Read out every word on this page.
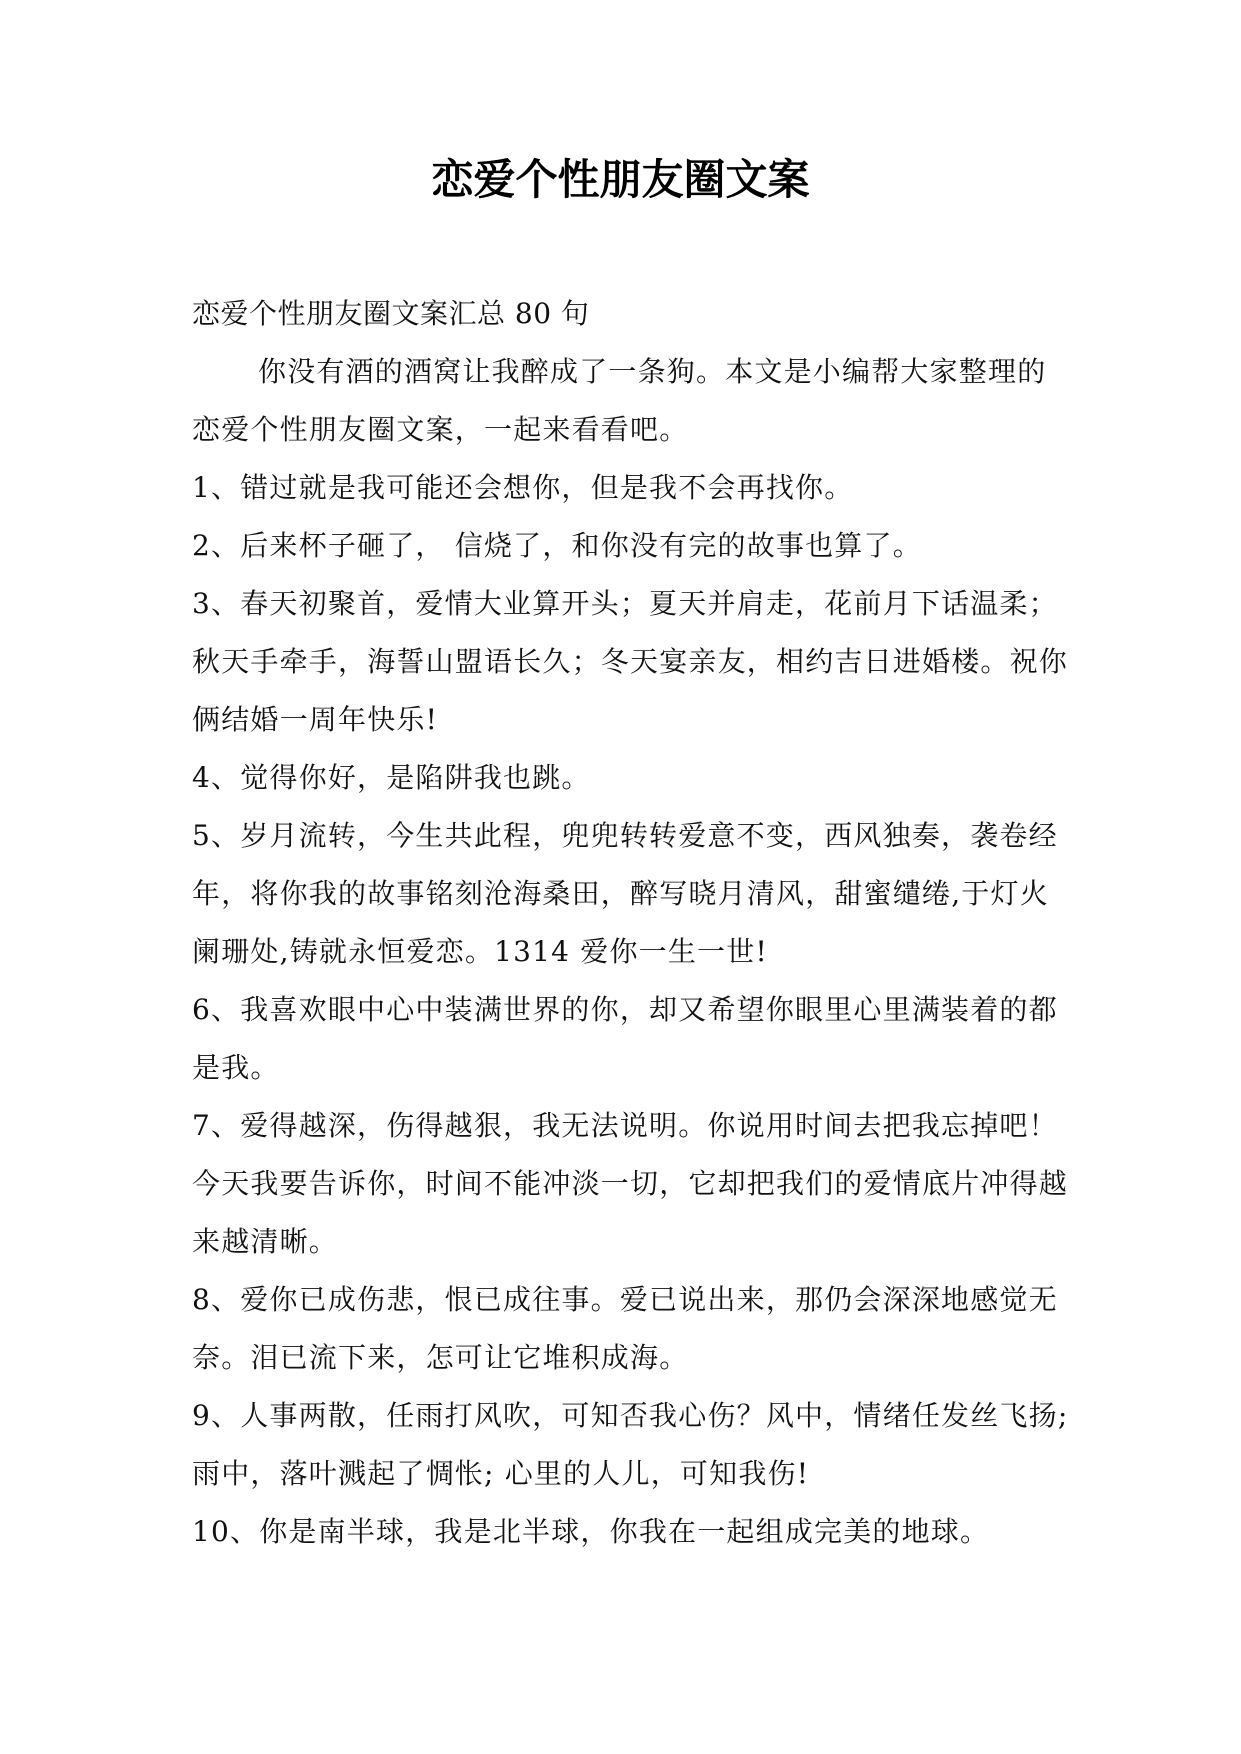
恋爱个性朋友圈文案

恋爱个性朋友圈文案汇总 80 句

你没有酒的酒窝让我醉成了一条狗。本文是小编帮大家整理的恋爱个性朋友圈文案，一起来看看吧。

1、错过就是我可能还会想你，但是我不会再找你。

2、后来杯子砸了， 信烧了，和你没有完的故事也算了。

3、春天初聚首，爱情大业算开头；夏天并肩走，花前月下话温柔；秋天手牵手，海誓山盟语长久；冬天宴亲友，相约吉日进婚楼。祝你俩结婚一周年快乐!

4、觉得你好，是陷阱我也跳。

5、岁月流转，今生共此程，兜兜转转爱意不变，西风独奏，袭卷经年，将你我的故事铭刻沧海桑田，醉写晓月清风，甜蜜缱绻,于灯火阑珊处,铸就永恒爱恋。1314 爱你一生一世!

6、我喜欢眼中心中装满世界的你，却又希望你眼里心里满装着的都是我。

7、爱得越深，伤得越狠，我无法说明。你说用时间去把我忘掉吧！今天我要告诉你，时间不能冲淡一切，它却把我们的爱情底片冲得越来越清晰。

8、爱你已成伤悲，恨已成往事。爱已说出来，那仍会深深地感觉无奈。泪已流下来，怎可让它堆积成海。

9、人事两散，任雨打风吹，可知否我心伤？风中，情绪任发丝飞扬; 雨中，落叶溅起了惆怅; 心里的人儿，可知我伤!

10、你是南半球，我是北半球，你我在一起组成完美的地球。
